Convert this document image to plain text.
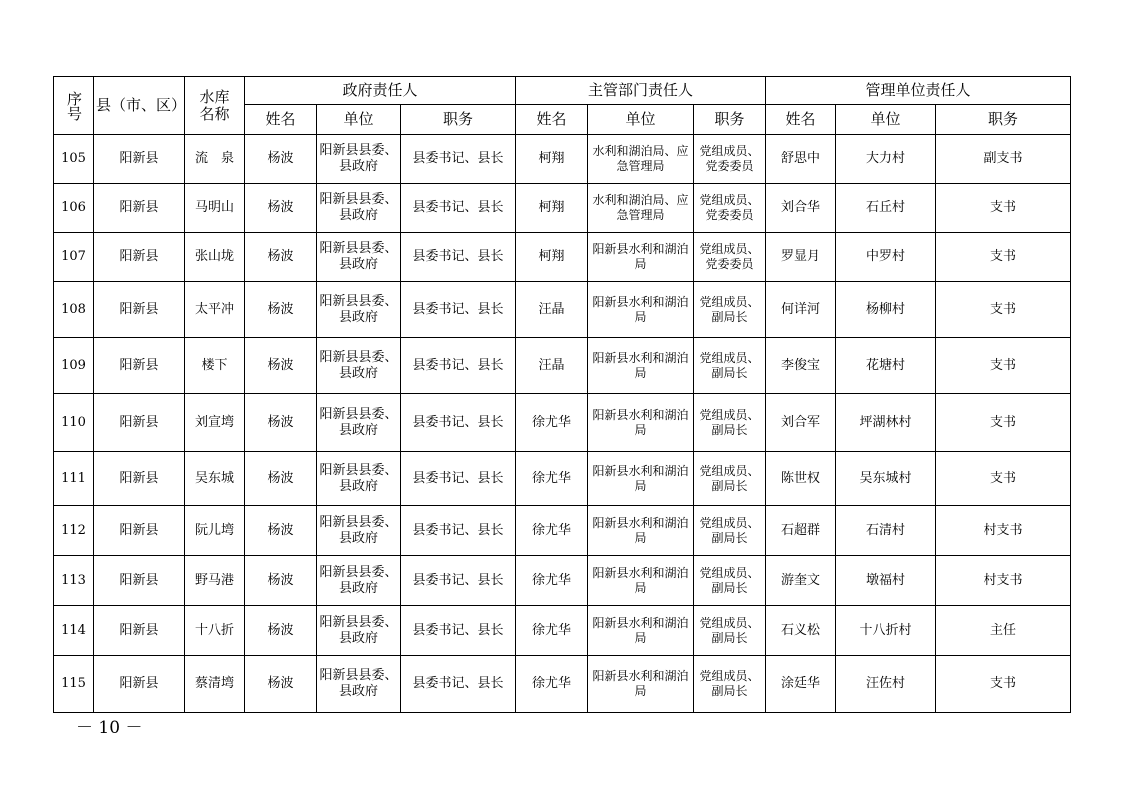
序号	县（市、区）	水库名称	政府责任人			主管部门责任人			管理单位责任人		
			姓名	单位	职务	姓名	单位	职务	姓名	单位	职务
105	阳新县	流　泉	杨波	阳新县县委、县政府	县委书记、县长	柯翔	水利和湖泊局、应急管理局	党组成员、党委委员	舒思中	大力村	副支书
106	阳新县	马明山	杨波	阳新县县委、县政府	县委书记、县长	柯翔	水利和湖泊局、应急管理局	党组成员、党委委员	刘合华	石丘村	支书
107	阳新县	张山垅	杨波	阳新县县委、县政府	县委书记、县长	柯翔	阳新县水利和湖泊局	党组成员、党委委员	罗显月	中罗村	支书
108	阳新县	太平冲	杨波	阳新县县委、县政府	县委书记、县长	汪晶	阳新县水利和湖泊局	党组成员、副局长	何详河	杨柳村	支书
109	阳新县	楼下	杨波	阳新县县委、县政府	县委书记、县长	汪晶	阳新县水利和湖泊局	党组成员、副局长	李俊宝	花塘村	支书
110	阳新县	刘宣塆	杨波	阳新县县委、县政府	县委书记、县长	徐尤华	阳新县水利和湖泊局	党组成员、副局长	刘合军	坪湖林村	支书
111	阳新县	吴东城	杨波	阳新县县委、县政府	县委书记、县长	徐尤华	阳新县水利和湖泊局	党组成员、副局长	陈世权	吴东城村	支书
112	阳新县	阮儿塆	杨波	阳新县县委、县政府	县委书记、县长	徐尤华	阳新县水利和湖泊局	党组成员、副局长	石超群	石清村	村支书
113	阳新县	野马港	杨波	阳新县县委、县政府	县委书记、县长	徐尤华	阳新县水利和湖泊局	党组成员、副局长	游奎文	墩福村	村支书
114	阳新县	十八折	杨波	阳新县县委、县政府	县委书记、县长	徐尤华	阳新县水利和湖泊局	党组成员、副局长	石义松	十八折村	主任
115	阳新县	蔡清塆	杨波	阳新县县委、县政府	县委书记、县长	徐尤华	阳新县水利和湖泊局	党组成员、副局长	涂廷华	汪佐村	支书
－ 10 －
